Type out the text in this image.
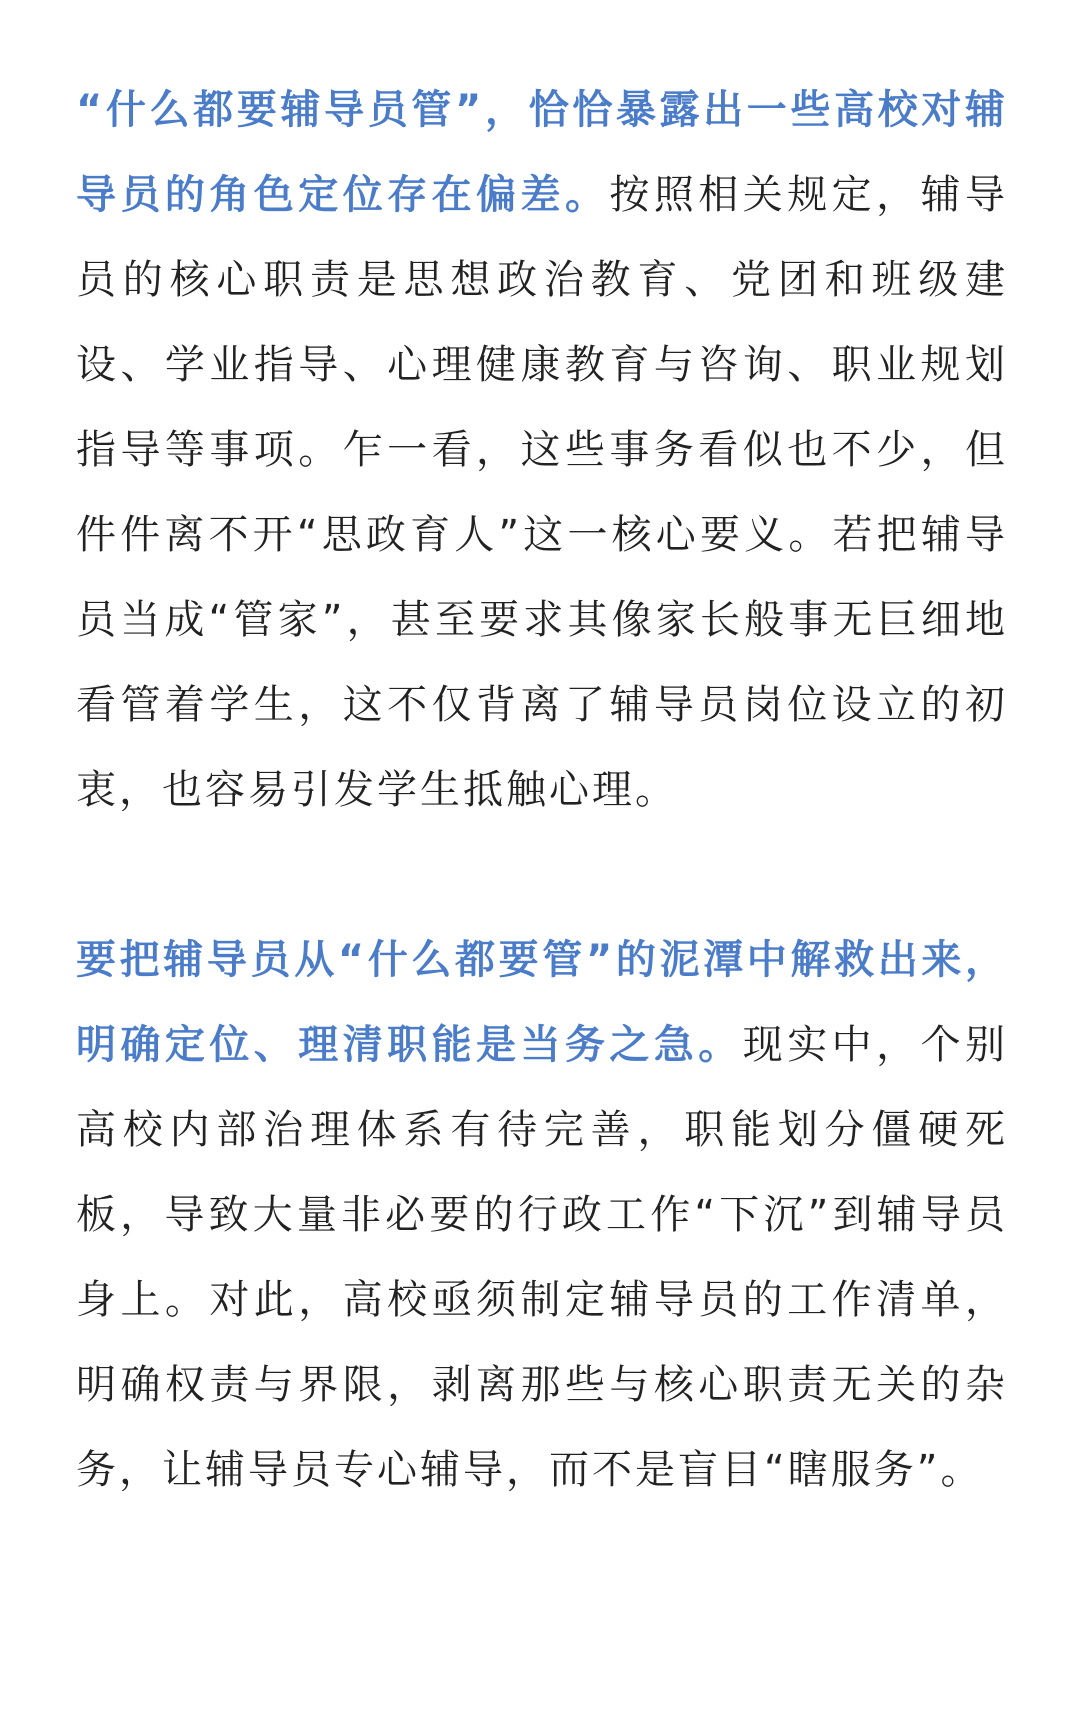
“什么都要辅导员管”，恰恰暴露出一些高校对辅导员的角色定位存在偏差。按照相关规定，辅导员的核心职责是思想政治教育、党团和班级建设、学业指导、心理健康教育与咨询、职业规划指导等事项。乍一看，这些事务看似也不少，但件件离不开“思政育人”这一核心要义。若把辅导员当成“管家”，甚至要求其像家长般事无巨细地看管着学生，这不仅背离了辅导员岗位设立的初衷，也容易引发学生抵触心理。

要把辅导员从“什么都要管”的泥潭中解救出来，明确定位、理清职能是当务之急。现实中，个别高校内部治理体系有待完善，职能划分僵硬死板，导致大量非必要的行政工作“下沉”到辅导员身上。对此，高校亟须制定辅导员的工作清单，明确权责与界限，剥离那些与核心职责无关的杂务，让辅导员专心辅导，而不是盲目“瞎服务”。
